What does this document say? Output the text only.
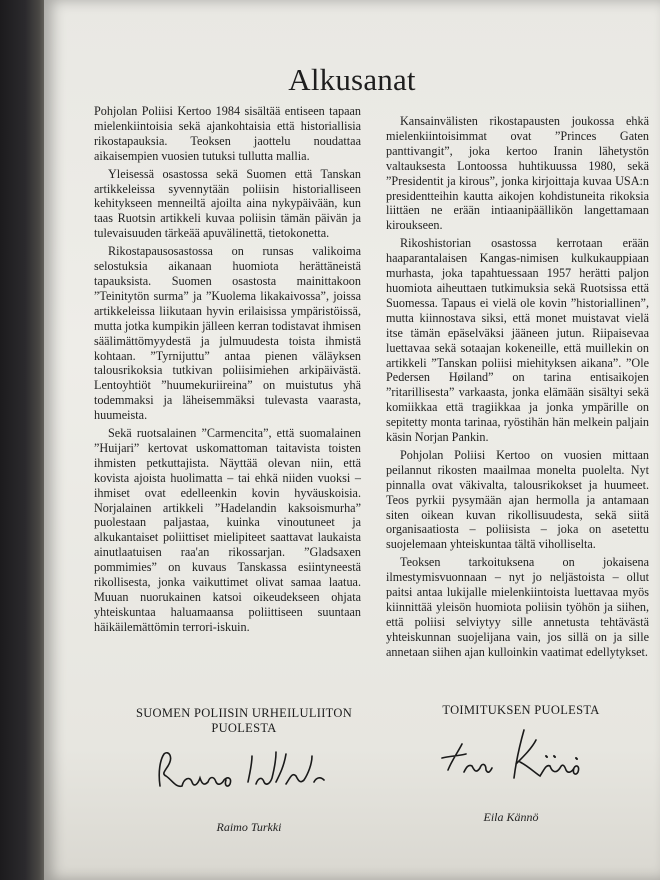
Alkusanat

Pohjolan Poliisi Kertoo 1984 sisältää entiseen tapaan mielenkiintoisia sekä ajankohtaisia että historiallisia rikostapauksia. Teoksen jaottelu noudattaa aikaisempien vuosien tutuksi tullutta mallia.

Yleisessä osastossa sekä Suomen että Tanskan artikkeleissa syvennytään poliisin historialliseen kehitykseen menneiltä ajoilta aina nykypäivään, kun taas Ruotsin artikkeli kuvaa poliisin tämän päivän ja tulevaisuuden tärkeää apuvälinettä, tietokonetta.

Rikostapausosastossa on runsas valikoima selostuksia aikanaan huomiota herättäneistä tapauksista. Suomen osastosta mainittakoon ”Teinitytön surma” ja ”Kuolema likakaivossa”, joissa artikkeleissa liikutaan hyvin erilaisissa ympäristöissä, mutta jotka kumpikin jälleen kerran todistavat ihmisen säälimättömyydestä ja julmuudesta toista ihmistä kohtaan. ”Tyrnijuttu” antaa pienen väläyksen talousrikoksia tutkivan poliisimiehen arkipäivästä. Lentoyhtiöt ”huumekuriireina” on muistutus yhä todemmaksi ja läheisemmäksi tulevasta vaarasta, huumeista.

Sekä ruotsalainen ”Carmencita”, että suomalainen ”Huijari” kertovat uskomattoman taitavista toisten ihmisten petkuttajista. Näyttää olevan niin, että kovista ajoista huolimatta – tai ehkä niiden vuoksi – ihmiset ovat edelleenkin kovin hyväuskoisia. Norjalainen artikkeli ”Hadelandin kaksoismurha” puolestaan paljastaa, kuinka vinoutuneet ja alkukantaiset poliittiset mielipiteet saattavat laukaista ainutlaatuisen raa'an rikossarjan. ”Gladsaxen pommimies” on kuvaus Tanskassa esiintyneestä rikollisesta, jonka vaikuttimet olivat samaa laatua. Muuan nuorukainen katsoi oikeudekseen ohjata yhteiskuntaa haluamaansa poliittiseen suuntaan häikäilemättömin terrori-iskuin.

Kansainvälisten rikostapausten joukossa ehkä mielenkiintoisimmat ovat ”Princes Gaten panttivangit”, joka kertoo Iranin lähetystön valtauksesta Lontoossa huhtikuussa 1980, sekä ”Presidentit ja kirous”, jonka kirjoittaja kuvaa USA:n presidentteihin kautta aikojen kohdistuneita rikoksia liittäen ne erään intiaanipäällikön langettamaan kiroukseen.

Rikoshistorian osastossa kerrotaan erään haaparantalaisen Kangas-nimisen kulkukauppiaan murhasta, joka tapahtuessaan 1957 herätti paljon huomiota aiheuttaen tutkimuksia sekä Ruotsissa että Suomessa. Tapaus ei vielä ole kovin ”historiallinen”, mutta kiinnostava siksi, että monet muistavat vielä itse tämän epäselväksi jääneen jutun. Riipaisevaa luettavaa sekä sotaajan kokeneille, että muillekin on artikkeli ”Tanskan poliisi miehityksen aikana”. ”Ole Pedersen Høiland” on tarina entisaikojen ”ritarillisesta” varkaasta, jonka elämään sisältyi sekä komiikkaa että tragiikkaa ja jonka ympärille on sepitetty monta tarinaa, ryöstihän hän melkein paljain käsin Norjan Pankin.

Pohjolan Poliisi Kertoo on vuosien mittaan peilannut rikosten maailmaa monelta puolelta. Nyt pinnalla ovat väkivalta, talousrikokset ja huumeet. Teos pyrkii pysymään ajan hermolla ja antamaan siten oikean kuvan rikollisuudesta, sekä siitä organisaatiosta – poliisista – joka on asetettu suojelemaan yhteiskuntaa tältä viholliselta.

Teoksen tarkoituksena on jokaisena ilmestymisvuonnaan – nyt jo neljästoista – ollut paitsi antaa lukijalle mielenkiintoista luettavaa myös kiinnittää yleisön huomiota poliisin työhön ja siihen, että poliisi selviytyy sille annetusta tehtävästä yhteiskunnan suojelijana vain, jos sillä on ja sille annetaan siihen ajan kulloinkin vaatimat edellytykset.

SUOMEN POLIISIN URHEILULIITON
PUOLESTA
TOIMITUKSEN PUOLESTA
Raimo Turkki
Eila Kännö
